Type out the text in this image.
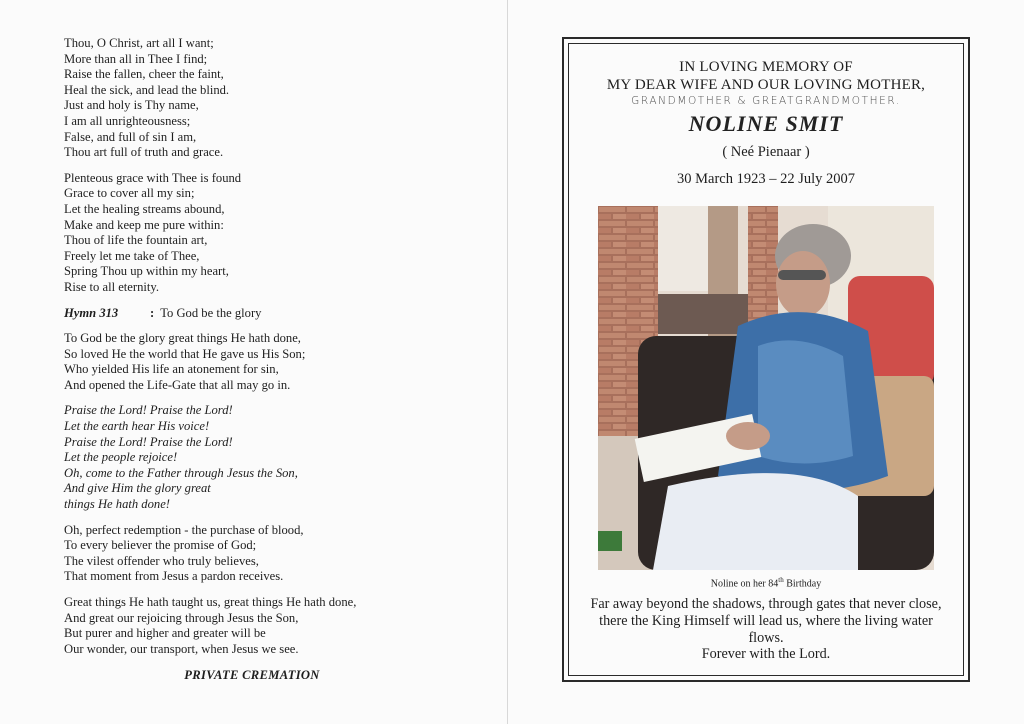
Thou, O Christ, art all I want;
More than all in Thee I find;
Raise the fallen, cheer the faint,
Heal the sick, and lead the blind.
Just and holy is Thy name,
I am all unrighteousness;
False, and full of sin I am,
Thou art full of truth and grace.
Plenteous grace with Thee is found
Grace to cover all my sin;
Let the healing streams abound,
Make and keep me pure within:
Thou of life the fountain art,
Freely let me take of Thee,
Spring Thou up within my heart,
Rise to all eternity.
Hymn 313	: To God be the glory
To God be the glory great things He hath done,
So loved He the world that He gave us His Son;
Who yielded His life an atonement for sin,
And opened the Life-Gate that all may go in.
Praise the Lord! Praise the Lord!
Let the earth hear His voice!
Praise the Lord! Praise the Lord!
Let the people rejoice!
Oh, come to the Father through Jesus the Son,
And give Him the glory great
things He hath done!
Oh, perfect redemption - the purchase of blood,
To every believer the promise of God;
The vilest offender who truly believes,
That moment from Jesus a pardon receives.
Great things He hath taught us, great things He hath done,
And great our rejoicing through Jesus the Son,
But purer and higher and greater will be
Our wonder, our transport, when Jesus we see.
PRIVATE CREMATION
IN LOVING MEMORY OF
MY DEAR WIFE AND OUR LOVING MOTHER,
GRANDMOTHER & GREATGRANDMOTHER.
NOLINE SMIT
( Neé Pienaar )
30 March 1923 – 22 July 2007
Noline on her 84th Birthday
Far away beyond the shadows, through gates that never close,
there the King Himself will lead us, where the living water
flows.
Forever with the Lord.
